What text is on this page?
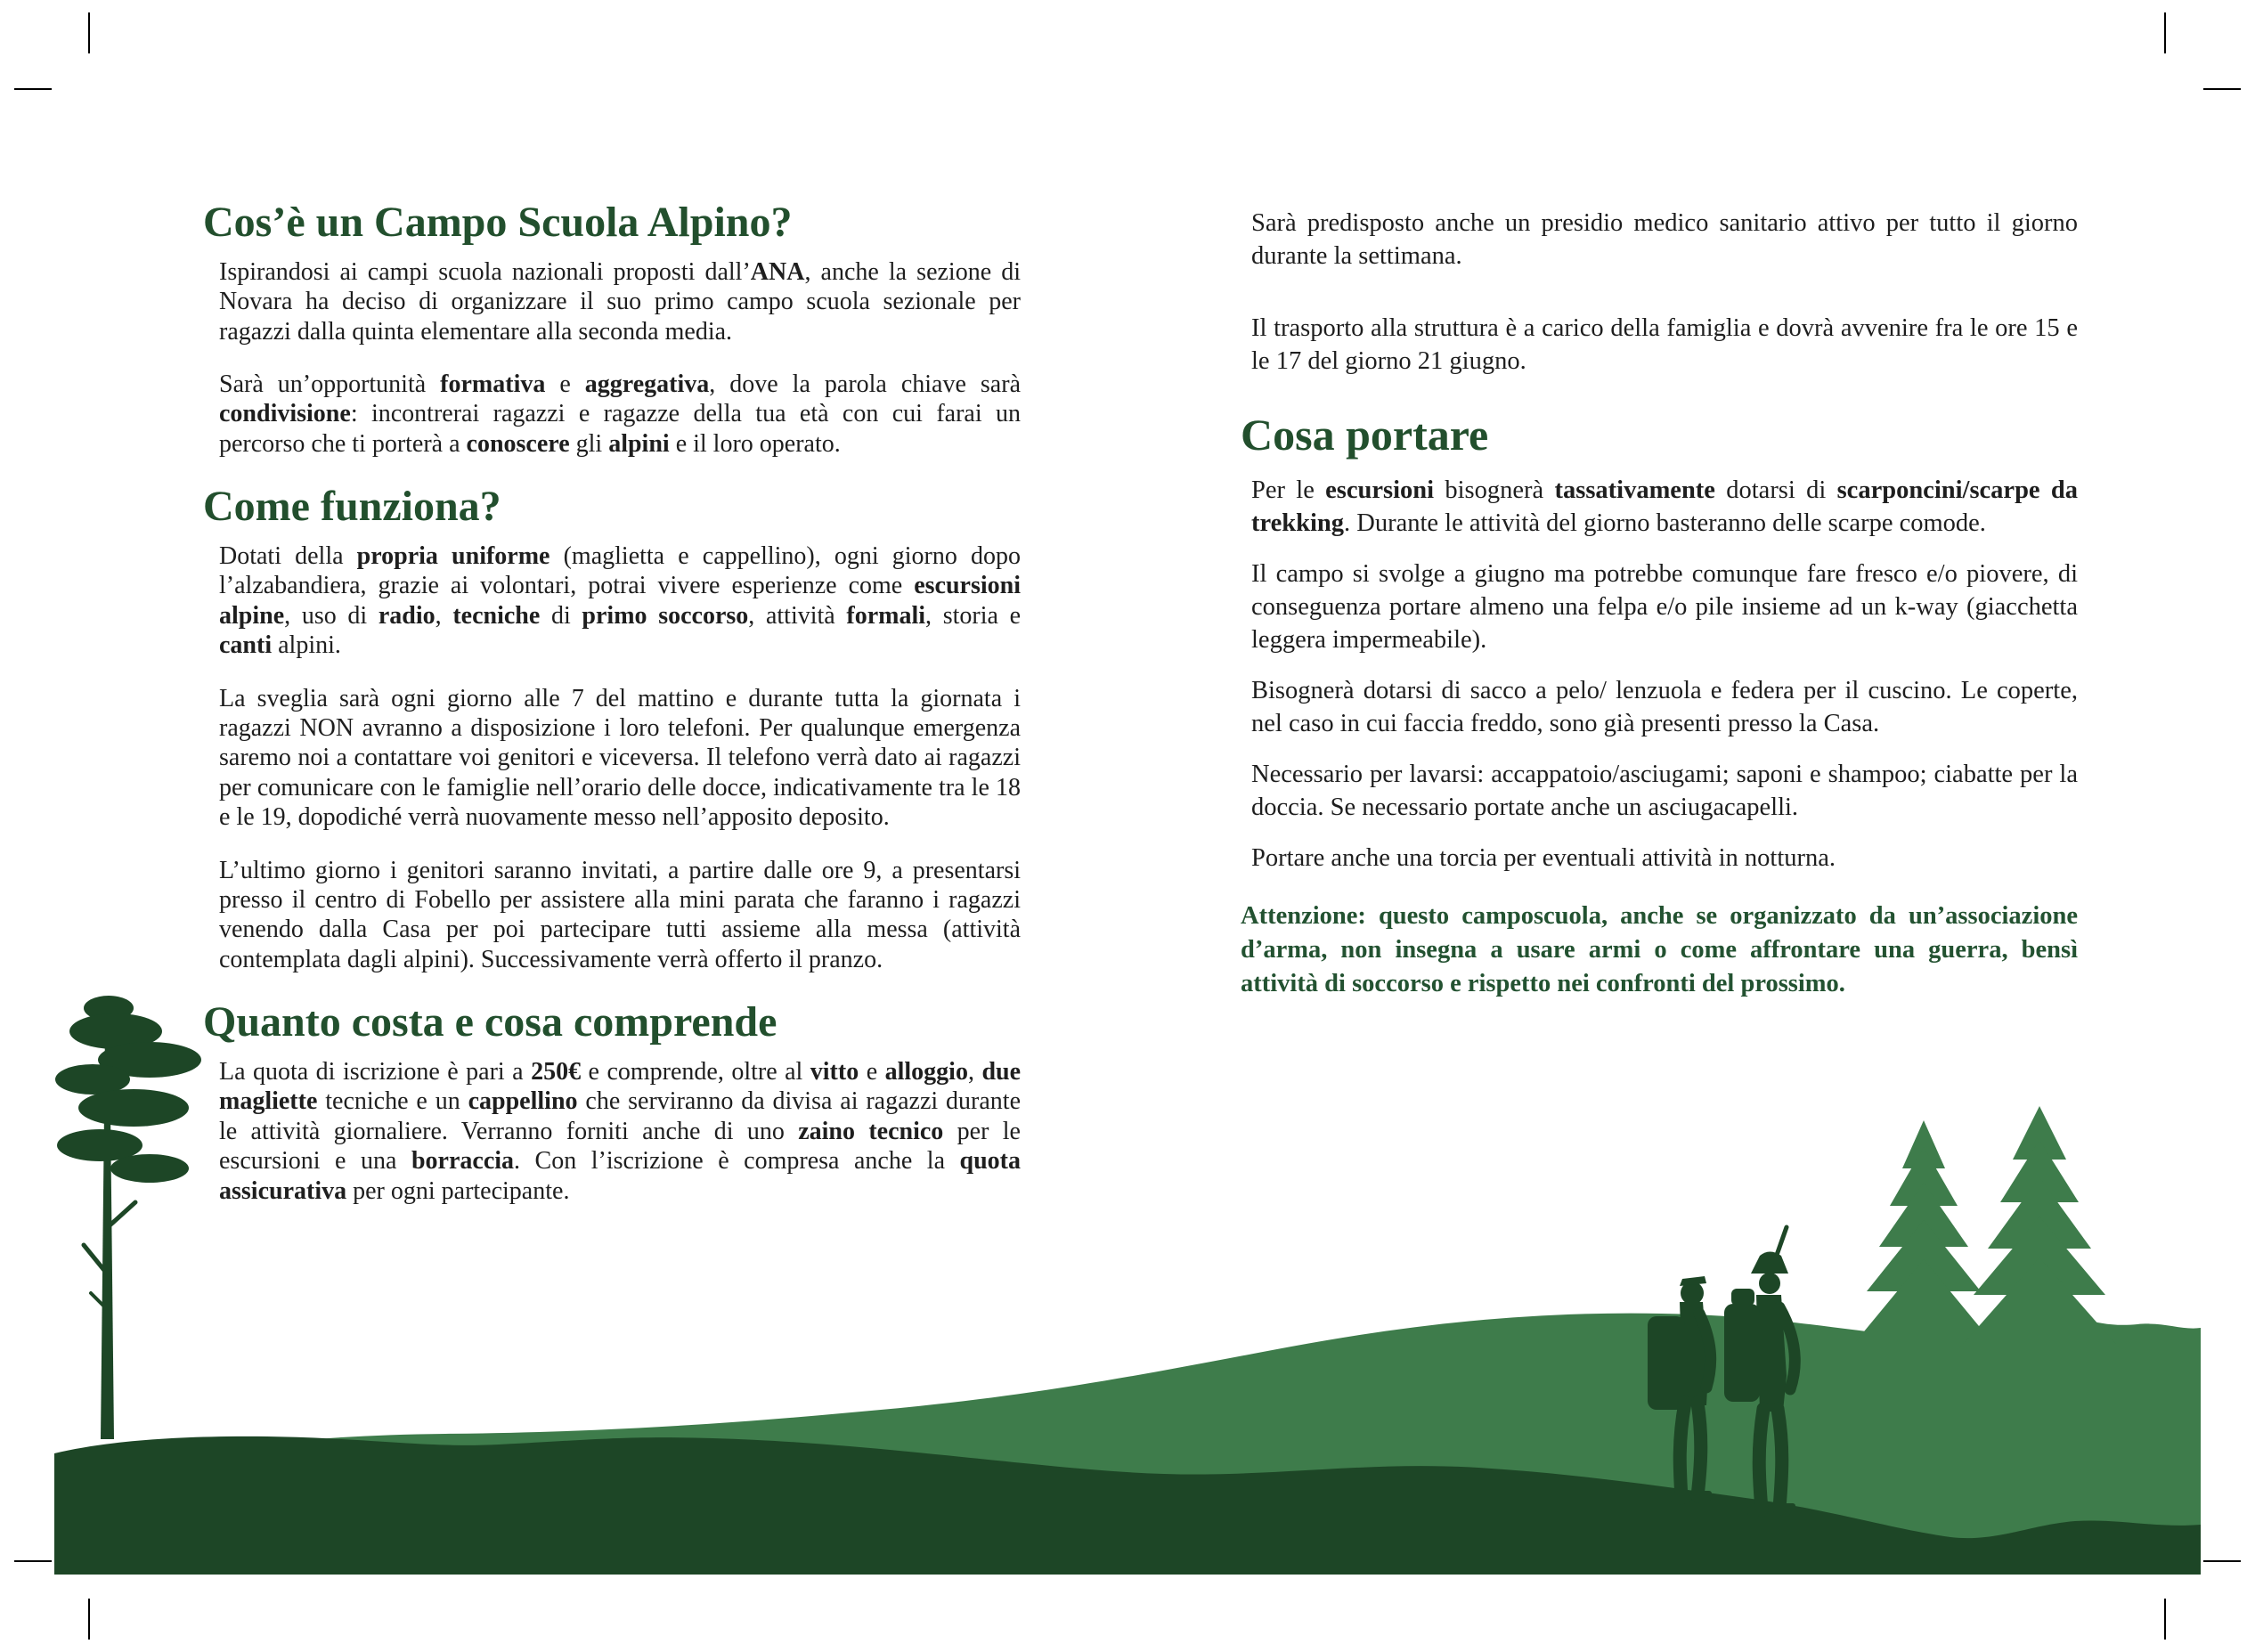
Cos’è un Campo Scuola Alpino?

Ispirandosi ai campi scuola nazionali proposti dall’ANA, anche la sezione di Novara ha deciso di organizzare il suo primo campo scuola sezionale per ragazzi dalla quinta elementare alla seconda media.

Sarà un’opportunità formativa e aggregativa, dove la parola chiave sarà condivisione: incontrerai ragazzi e ragazze della tua età con cui farai un percorso che ti porterà a conoscere gli alpini e il loro operato.

Come funziona?

Dotati della propria uniforme (maglietta e cappellino), ogni giorno dopo l’alzabandiera, grazie ai volontari, potrai vivere esperienze come escursioni alpine, uso di radio, tecniche di primo soccorso, attività formali, storia e canti alpini.

La sveglia sarà ogni giorno alle 7 del mattino e durante tutta la giornata i ragazzi NON avranno a disposizione i loro telefoni. Per qualunque emergenza saremo noi a contattare voi genitori e viceversa. Il telefono verrà dato ai ragazzi per comunicare con le famiglie nell’orario delle docce, indicativamente tra le 18 e le 19, dopodiché verrà nuovamente messo nell’apposito deposito.

L’ultimo giorno i genitori saranno invitati, a partire dalle ore 9, a presentarsi presso il centro di Fobello per assistere alla mini parata che faranno i ragazzi venendo dalla Casa per poi partecipare tutti assieme alla messa (attività contemplata dagli alpini). Successivamente verrà offerto il pranzo.

Quanto costa e cosa comprende

La quota di iscrizione è pari a 250€ e comprende, oltre al vitto e alloggio, due magliette tecniche e un cappellino che serviranno da divisa ai ragazzi durante le attività giornaliere. Verranno forniti anche di uno zaino tecnico per le escursioni e una borraccia. Con l’iscrizione è compresa anche la quota assicurativa per ogni partecipante.

Sarà predisposto anche un presidio medico sanitario attivo per tutto il giorno durante la settimana.

Il trasporto alla struttura è a carico della famiglia e dovrà avvenire fra le ore 15 e le 17 del giorno 21 giugno.

Cosa portare

Per le escursioni bisognerà tassativamente dotarsi di scarponcini/scarpe da trekking. Durante le attività del giorno basteranno delle scarpe comode.

Il campo si svolge a giugno ma potrebbe comunque fare fresco e/o piovere, di conseguenza portare almeno una felpa e/o pile insieme ad un k-way (giacchetta leggera impermeabile).

Bisognerà dotarsi di sacco a pelo/ lenzuola e federa per il cuscino. Le coperte, nel caso in cui faccia freddo, sono già presenti presso la Casa.

Necessario per lavarsi: accappatoio/asciugami; saponi e shampoo; ciabatte per la doccia. Se necessario portate anche un asciugacapelli.

Portare anche una torcia per eventuali attività in notturna.

Attenzione: questo camposcuola, anche se organizzato da un’associazione d’arma, non insegna a usare armi o come affrontare una guerra, bensì attività di soccorso e rispetto nei confronti del prossimo.
